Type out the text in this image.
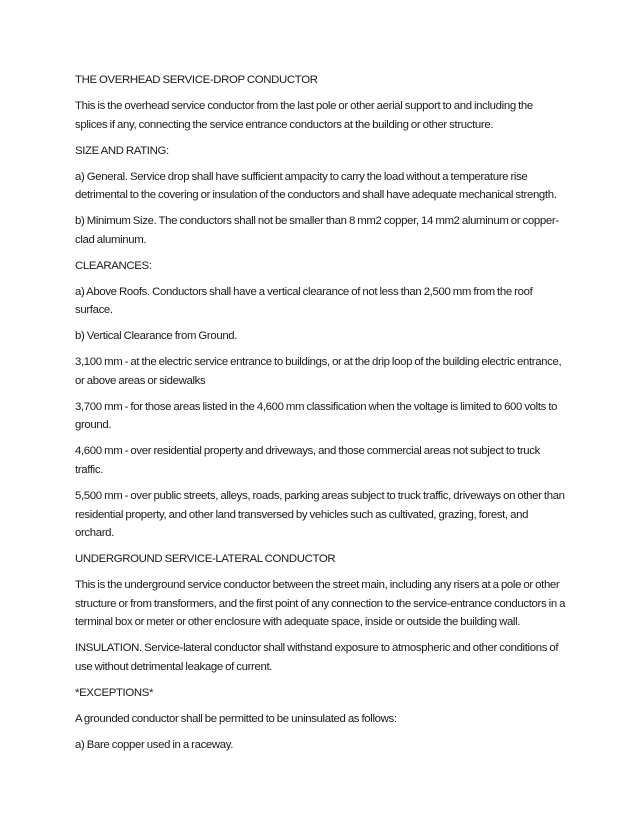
THE OVERHEAD SERVICE-DROP CONDUCTOR

This is the overhead service conductor from the last pole or other aerial support to and including the splices if any, connecting the service entrance conductors at the building or other structure.

SIZE AND RATING:

a) General. Service drop shall have sufficient ampacity to carry the load without a temperature rise detrimental to the covering or insulation of the conductors and shall have adequate mechanical strength.

b) Minimum Size. The conductors shall not be smaller than 8 mm2 copper, 14 mm2 aluminum or copper-clad aluminum.

CLEARANCES:

a) Above Roofs. Conductors shall have a vertical clearance of not less than 2,500 mm from the roof surface.

b) Vertical Clearance from Ground.

3,100 mm - at the electric service entrance to buildings, or at the drip loop of the building electric entrance, or above areas or sidewalks

3,700 mm - for those areas listed in the 4,600 mm classification when the voltage is limited to 600 volts to ground.

4,600 mm - over residential property and driveways, and those commercial areas not subject to truck traffic.

5,500 mm - over public streets, alleys, roads, parking areas subject to truck traffic, driveways on other than residential property, and other land transversed by vehicles such as cultivated, grazing, forest, and orchard.

UNDERGROUND SERVICE-LATERAL CONDUCTOR

This is the underground service conductor between the street main, including any risers at a pole or other structure or from transformers, and the first point of any connection to the service-entrance conductors in a terminal box or meter or other enclosure with adequate space, inside or outside the building wall.

INSULATION. Service-lateral conductor shall withstand exposure to atmospheric and other conditions of use without detrimental leakage of current.

*EXCEPTIONS*

A grounded conductor shall be permitted to be uninsulated as follows:

a) Bare copper used in a raceway.
